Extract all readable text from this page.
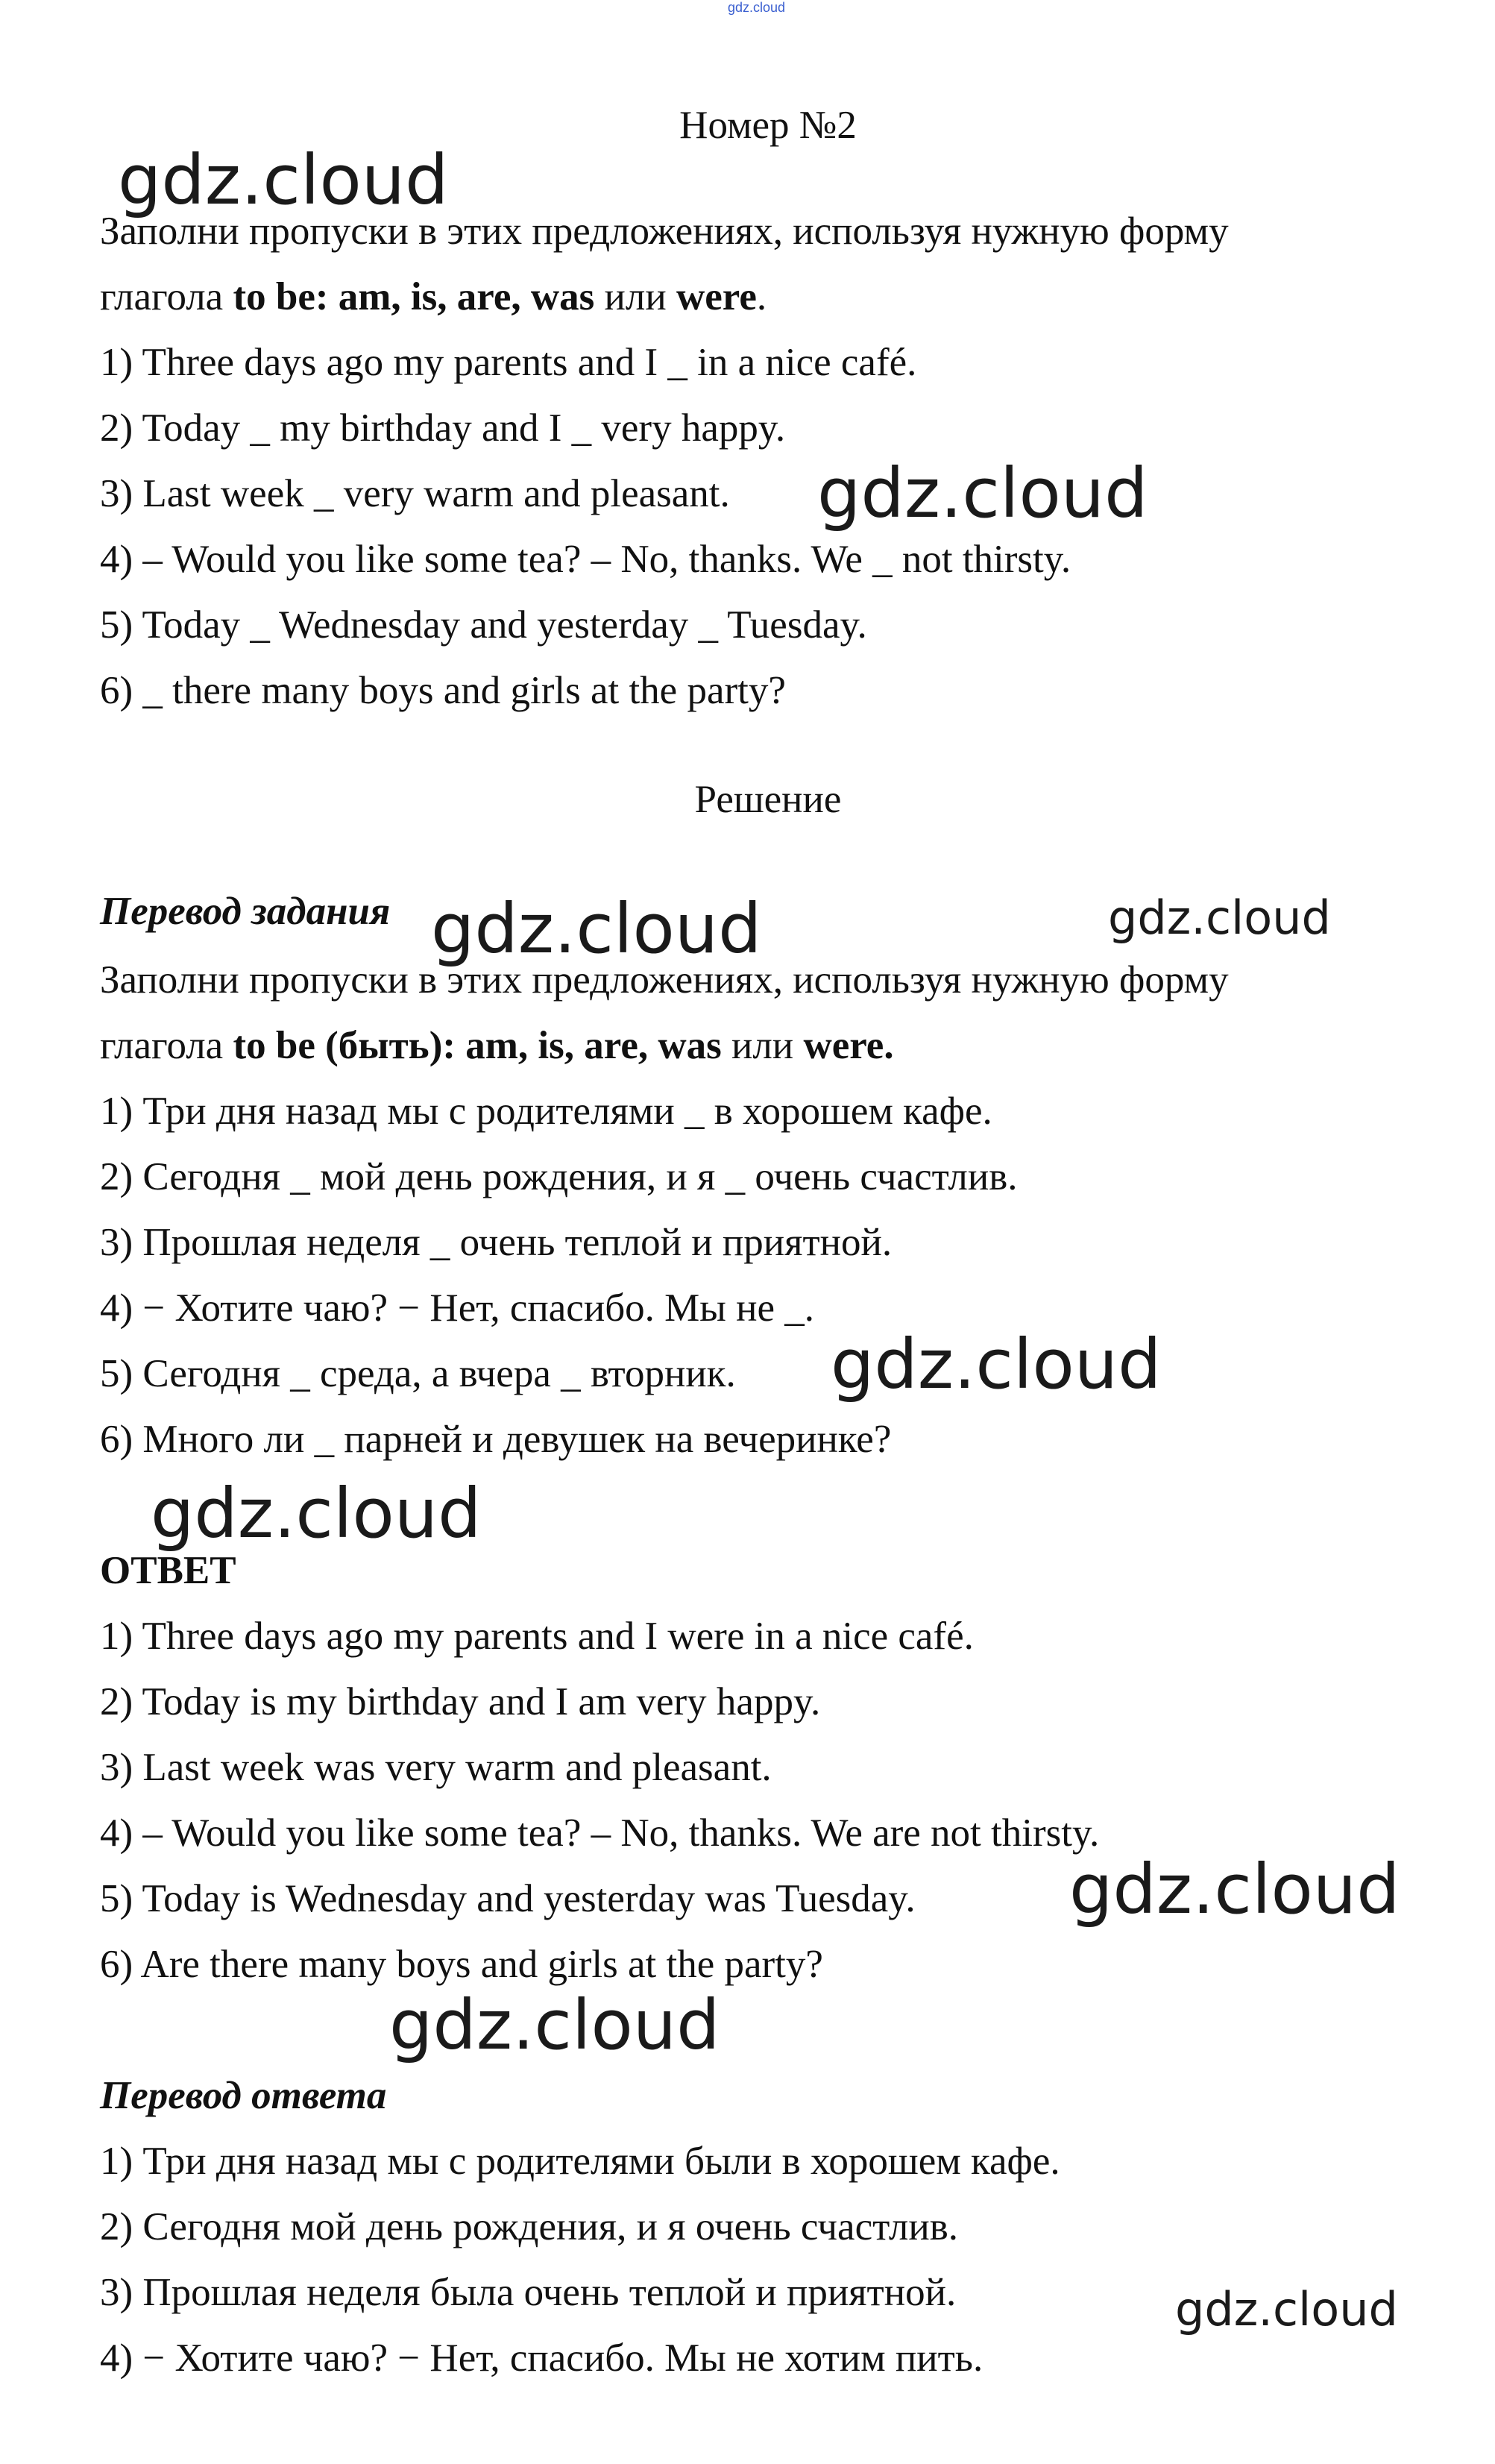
gdz.cloud
Номер №2
Заполни пропуски в этих предложениях, используя нужную форму
глагола to be: am, is, are, was или were.
1) Three days ago my parents and I _ in a nice café.
2) Today _ my birthday and I _ very happy.
3) Last week _ very warm and pleasant.
4) – Would you like some tea? – No, thanks. We _ not thirsty.
5) Today _ Wednesday and yesterday _ Tuesday.
6) _ there many boys and girls at the party?
Решение
Перевод задания
Заполни пропуски в этих предложениях, используя нужную форму
глагола to be (быть): am, is, are, was или were.
1) Три дня назад мы с родителями _ в хорошем кафе.
2) Сегодня _ мой день рождения, и я _ очень счастлив.
3) Прошлая неделя _ очень теплой и приятной.
4) − Хотите чаю? − Нет, спасибо. Мы не _.
5) Сегодня _ среда, а вчера _ вторник.
6) Много ли _ парней и девушек на вечеринке?
ОТВЕТ
1) Three days ago my parents and I were in a nice café.
2) Today is my birthday and I am very happy.
3) Last week was very warm and pleasant.
4) – Would you like some tea? – No, thanks. We are not thirsty.
5) Today is Wednesday and yesterday was Tuesday.
6) Are there many boys and girls at the party?
Перевод ответа
1) Три дня назад мы с родителями были в хорошем кафе.
2) Сегодня мой день рождения, и я очень счастлив.
3) Прошлая неделя была очень теплой и приятной.
4) − Хотите чаю? − Нет, спасибо. Мы не хотим пить.
gdz.cloud
gdz.cloud
gdz.cloud	gdz.cloud
gdz.cloud
gdz.cloud
gdz.cloud
gdz.cloud
gdz.cloud
